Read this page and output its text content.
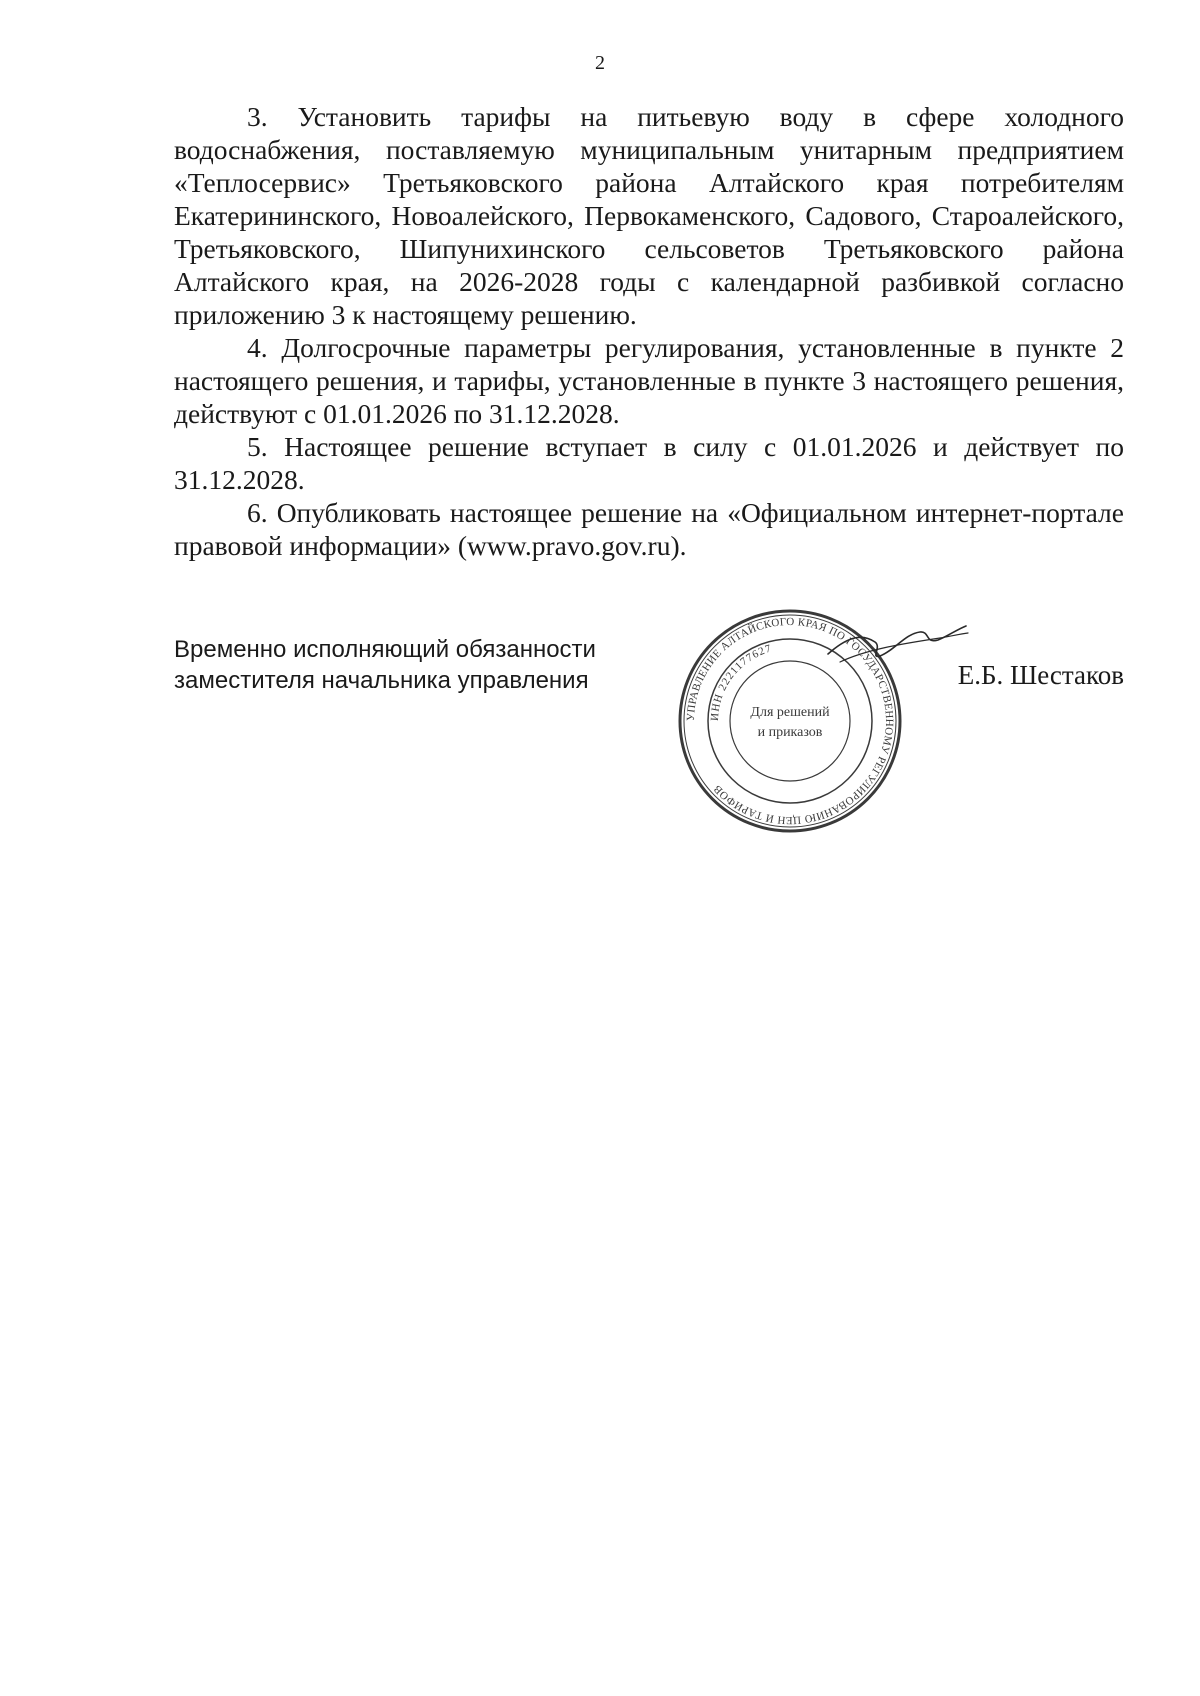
2

3. Установить тарифы на питьевую воду в сфере холодного водоснабжения, поставляемую муниципальным унитарным предприятием «Теплосервис» Третьяковского района Алтайского края потребителям Екатерининского, Новоалейского, Первокаменского, Садового, Староалейского, Третьяковского, Шипунихинского сельсоветов Третьяковского района Алтайского края, на 2026-2028 годы с календарной разбивкой согласно приложению 3 к настоящему решению.

4. Долгосрочные параметры регулирования, установленные в пункте 2 настоящего решения, и тарифы, установленные в пункте 3 настоящего решения, действуют с 01.01.2026 по 31.12.2028.

5. Настоящее решение вступает в силу с 01.01.2026 и действует по 31.12.2028.

6. Опубликовать настоящее решение на «Официальном интернет-портале правовой информации» (www.pravo.gov.ru).

Временно исполняющий обязанности
заместителя начальника управления
УПРАВЛЕНИЕ АЛТАЙСКОГО КРАЯ ПО ГОСУДАРСТВЕННОМУ РЕГУЛИРОВАНИЮ ЦЕН И ТАРИФОВ
ИНН 2221177627
Для решений
и приказов
Е.Б. Шестаков
